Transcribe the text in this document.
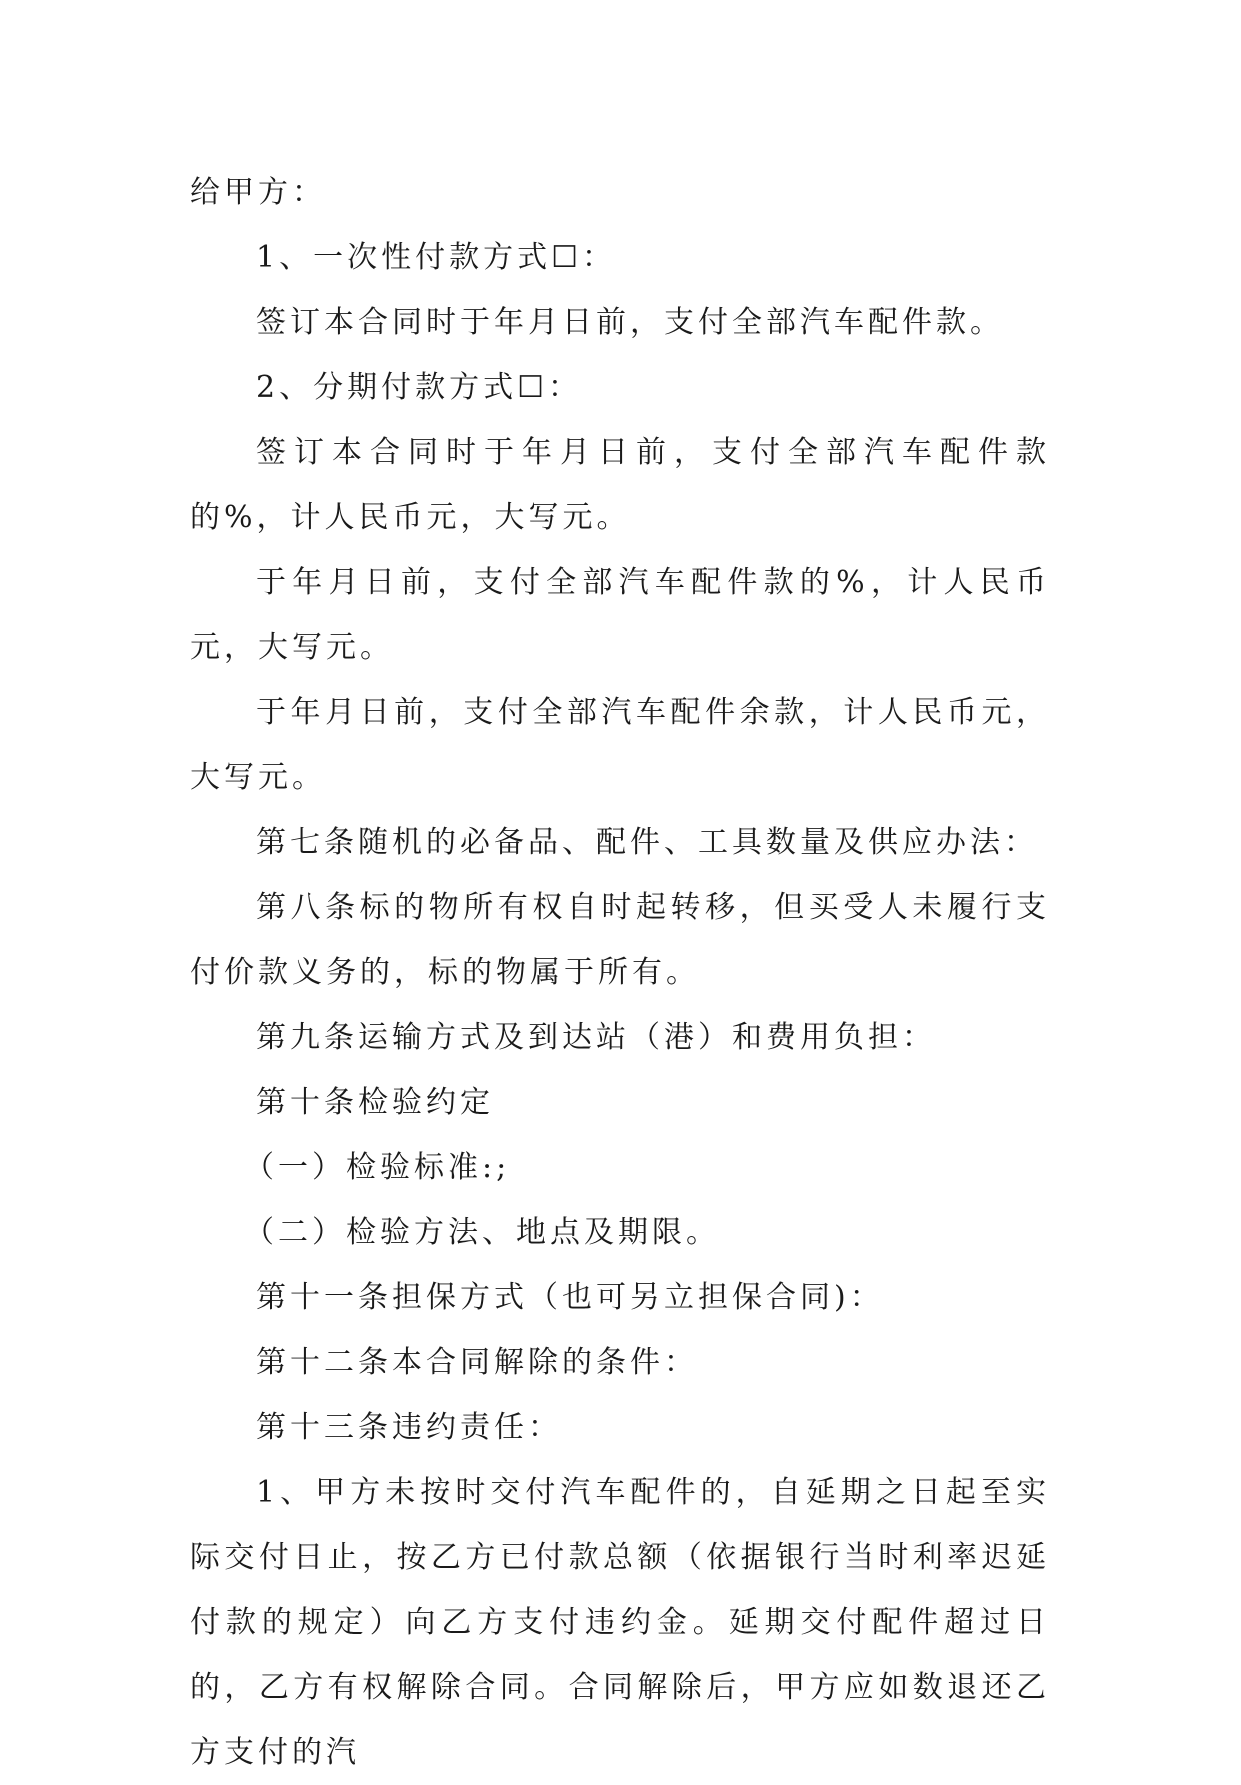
给甲方：

1、一次性付款方式☐：

签订本合同时于年月日前，支付全部汽车配件款。

2、分期付款方式☐：

签订本合同时于年月日前，支付全部汽车配件款的%，计人民币元，大写元。

于年月日前，支付全部汽车配件款的%，计人民币元，大写元。

于年月日前，支付全部汽车配件余款，计人民币元，大写元。

第七条随机的必备品、配件、工具数量及供应办法：

第八条标的物所有权自时起转移，但买受人未履行支付价款义务的，标的物属于所有。

第九条运输方式及到达站（港）和费用负担：

第十条检验约定

（一）检验标准:;

（二）检验方法、地点及期限。

第十一条担保方式（也可另立担保合同)：

第十二条本合同解除的条件：

第十三条违约责任：

1、甲方未按时交付汽车配件的，自延期之日起至实际交付日止，按乙方已付款总额（依据银行当时利率迟延付款的规定）向乙方支付违约金。延期交付配件超过日的，乙方有权解除合同。合同解除后，甲方应如数退还乙方支付的汽
